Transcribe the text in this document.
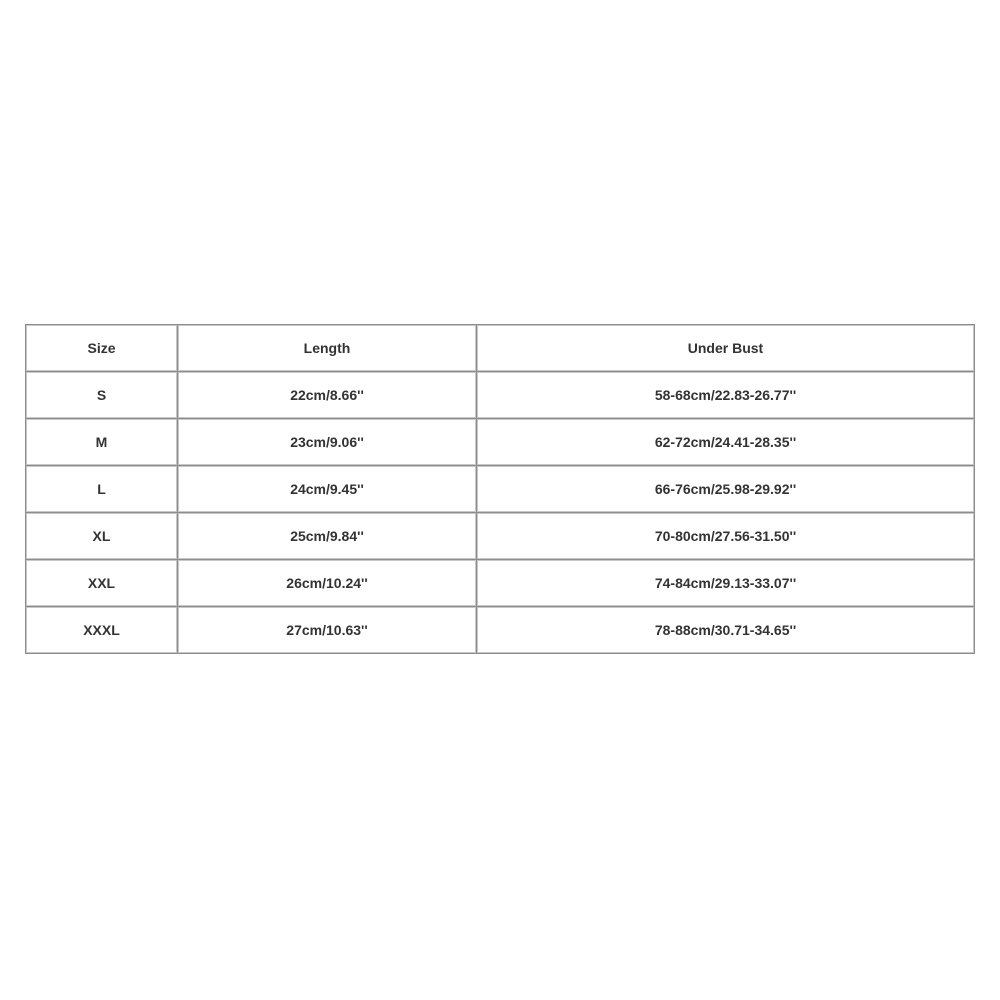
Size	Length	Under Bust
S	22cm/8.66''	58-68cm/22.83-26.77''
M	23cm/9.06''	62-72cm/24.41-28.35''
L	24cm/9.45''	66-76cm/25.98-29.92''
XL	25cm/9.84''	70-80cm/27.56-31.50''
XXL	26cm/10.24''	74-84cm/29.13-33.07''
XXXL	27cm/10.63''	78-88cm/30.71-34.65''
